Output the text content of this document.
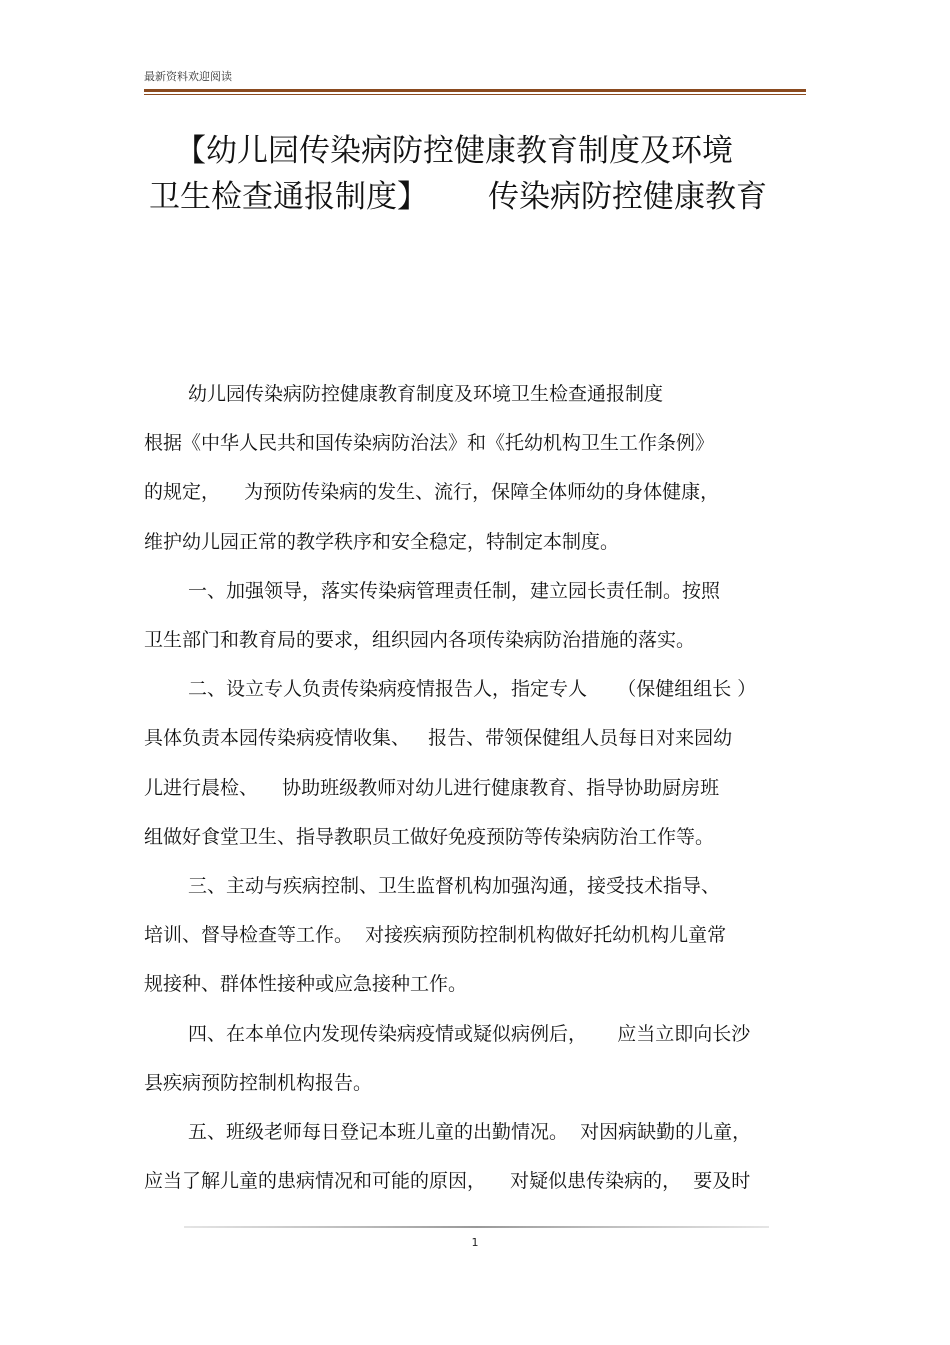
最新资料欢迎阅读
【幼儿园传染病防控健康教育制度及环境
卫生检查通报制度】 传染病防控健康教育

幼儿园传染病防控健康教育制度及环境卫生检查通报制度

根据《中华人民共和国传染病防治法》和《托幼机构卫生工作条例》

的规定，    为预防传染病的发生、流行，保障全体师幼的身体健康，

维护幼儿园正常的教学秩序和安全稳定，特制定本制度。

一、加强领导，落实传染病管理责任制，建立园长责任制。按照

卫生部门和教育局的要求，组织园内各项传染病防治措施的落实。

二、设立专人负责传染病疫情报告人，指定专人     （保健组组长 ）

具体负责本园传染病疫情收集、   报告、带领保健组人员每日对来园幼

儿进行晨检、    协助班级教师对幼儿进行健康教育、指导协助厨房班

组做好食堂卫生、指导教职员工做好免疫预防等传染病防治工作等。

三、主动与疾病控制、卫生监督机构加强沟通，接受技术指导、

培训、督导检查等工作。  对接疾病预防控制机构做好托幼机构儿童常

规接种、群体性接种或应急接种工作。

四、在本单位内发现传染病疫情或疑似病例后，     应当立即向长沙

县疾病预防控制机构报告。

五、班级老师每日登记本班儿童的出勤情况。  对因病缺勤的儿童，

应当了解儿童的患病情况和可能的原因，    对疑似患传染病的，  要及时

1
